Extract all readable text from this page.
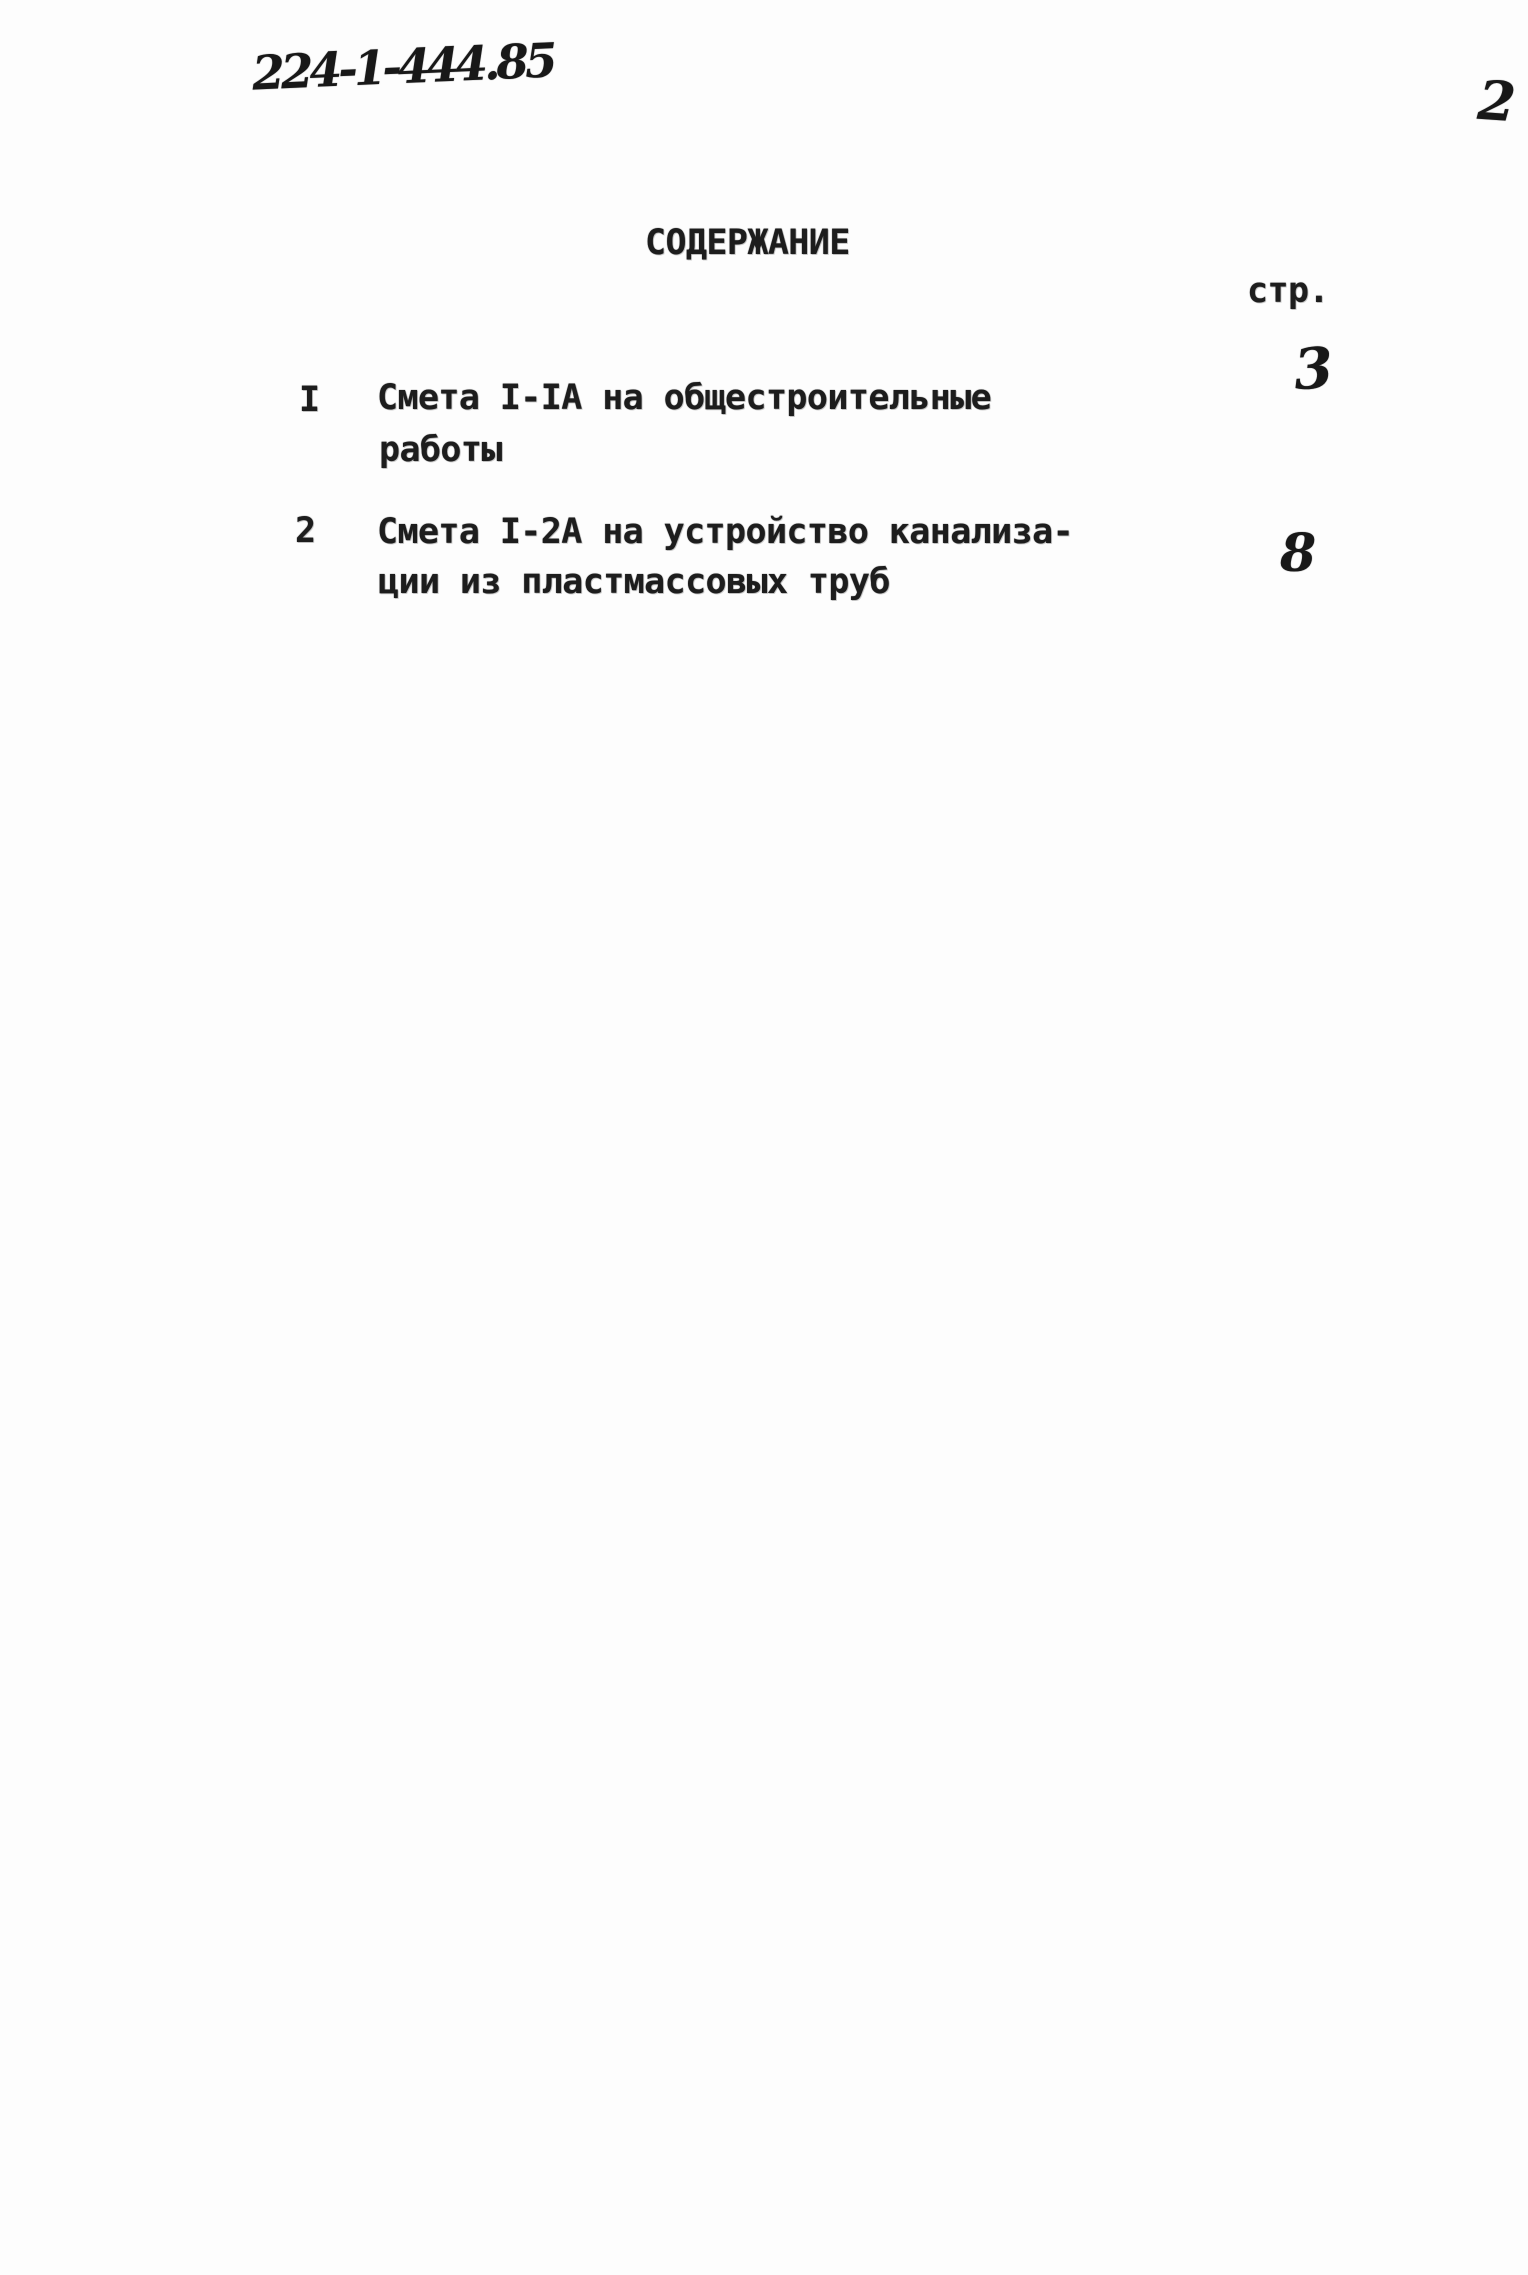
224-1-444.85	2
СОДЕРЖАНИЕ
стр.
I Смета I-IА на общестроительные
работы
3
2 Смета I-2А на устройство канализа-
ции из пластмассовых труб	8
